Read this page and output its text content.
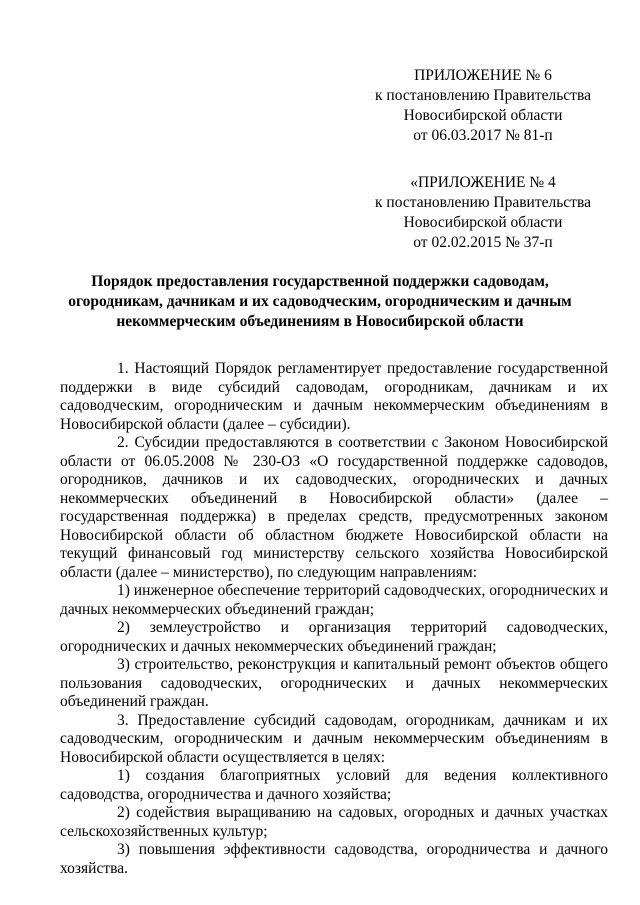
ПРИЛОЖЕНИЕ № 6
к постановлению Правительства
Новосибирской области
от 06.03.2017 № 81-п
«ПРИЛОЖЕНИЕ № 4
к постановлению Правительства
Новосибирской области
от 02.02.2015 № 37-п
Порядок предоставления государственной поддержки садоводам,
огородникам, дачникам и их садоводческим, огородническим и дачным
некоммерческим объединениям в Новосибирской области

1. Настоящий Порядок регламентирует предоставление государственной поддержки в виде субсидий садоводам, огородникам, дачникам и их садоводческим, огородническим и дачным некоммерческим объединениям в Новосибирской области (далее – субсидии).

2. Субсидии предоставляются в соответствии с Законом Новосибирской области от 06.05.2008 № 230-ОЗ «О государственной поддержке садоводов, огородников, дачников и их садоводческих, огороднических и дачных некоммерческих объединений в Новосибирской области» (далее – государственная поддержка) в пределах средств, предусмотренных законом Новосибирской области об областном бюджете Новосибирской области на текущий финансовый год министерству сельского хозяйства Новосибирской области (далее – министерство), по следующим направлениям:

1) инженерное обеспечение территорий садоводческих, огороднических и дачных некоммерческих объединений граждан;

2) землеустройство и организация территорий садоводческих, огороднических и дачных некоммерческих объединений граждан;

3) строительство, реконструкция и капитальный ремонт объектов общего пользования садоводческих, огороднических и дачных некоммерческих объединений граждан.

3. Предоставление субсидий садоводам, огородникам, дачникам и их садоводческим, огородническим и дачным некоммерческим объединениям в Новосибирской области осуществляется в целях:

1) создания благоприятных условий для ведения коллективного садоводства, огородничества и дачного хозяйства;

2) содействия выращиванию на садовых, огородных и дачных участках сельскохозяйственных культур;

3) повышения эффективности садоводства, огородничества и дачного хозяйства.
